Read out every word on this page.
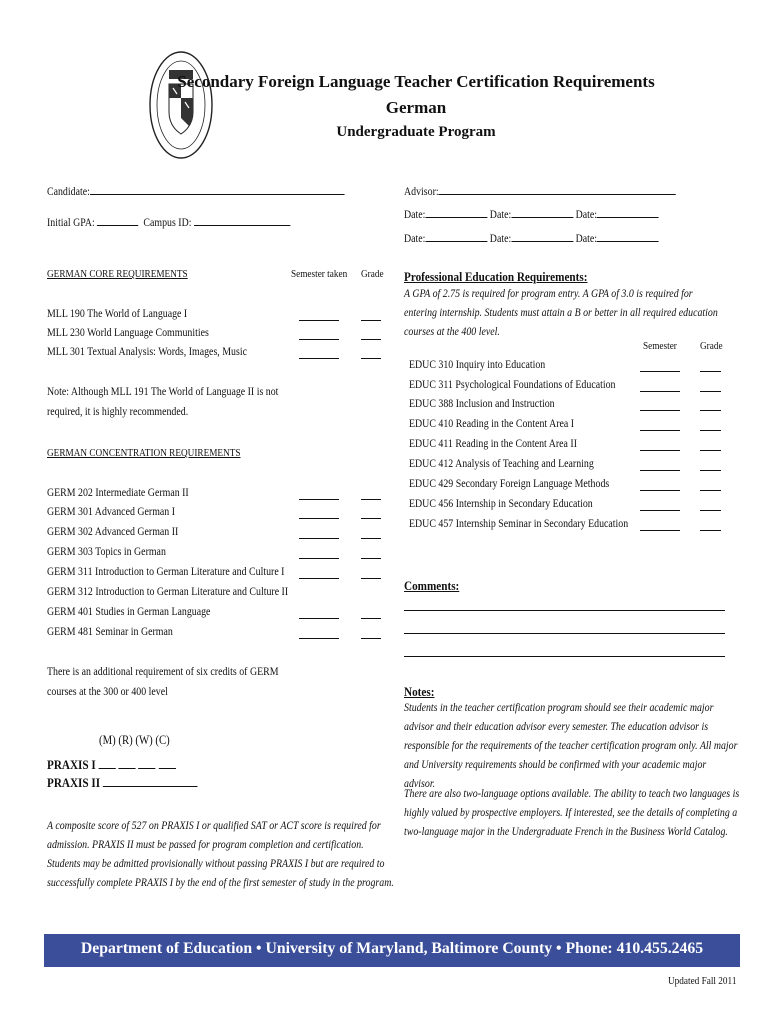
Secondary Foreign Language Teacher Certification Requirements
German
Undergraduate Program
Candidate:
Initial GPA:	Campus ID:
Advisor:
Date:	Date:	Date:
Date:	Date:	Date:
GERMAN CORE REQUIREMENTS	Semester taken Grade
MLL 190 The World of Language I
MLL 230 World Language Communities
MLL 301 Textual Analysis: Words, Images, Music
Note: Although MLL 191 The World of Language II is not
required, it is highly recommended.
GERMAN CONCENTRATION REQUIREMENTS
GERM 202 Intermediate German II
GERM 301 Advanced German I
GERM 302 Advanced German II
GERM 303 Topics in German
GERM 311 Introduction to German Literature and Culture I
GERM 312 Introduction to German Literature and Culture II
GERM 401 Studies in German Language
GERM 481 Seminar in German
There is an additional requirement of six credits of GERM
courses at the 300 or 400 level
(M) (R) (W) (C)
PRAXIS I
PRAXIS II
A composite score of 527 on PRAXIS I or qualified SAT or ACT score is required for admission. PRAXIS II must be passed for program completion and certification. Students may be admitted provisionally without passing PRAXIS I but are required to successfully complete PRAXIS I by the end of the first semester of study in the program.
Professional Education Requirements:
A GPA of 2.75 is required for program entry. A GPA of 3.0 is required for entering internship. Students must attain a B or better in all required education courses at the 400 level.
Semester Grade
EDUC 310 Inquiry into Education
EDUC 311 Psychological Foundations of Education
EDUC 388 Inclusion and Instruction
EDUC 410 Reading in the Content Area I
EDUC 411 Reading in the Content Area II
EDUC 412 Analysis of Teaching and Learning
EDUC 429 Secondary Foreign Language Methods
EDUC 456 Internship in Secondary Education
EDUC 457 Internship Seminar in Secondary Education
Comments:
Notes:
Students in the teacher certification program should see their academic major advisor and their education advisor every semester. The education advisor is responsible for the requirements of the teacher certification program only. All major and University requirements should be confirmed with your academic major advisor.
There are also two-language options available. The ability to teach two languages is highly valued by prospective employers. If interested, see the details of completing a two-language major in the Undergraduate French in the Business World Catalog.
Department of Education • University of Maryland, Baltimore County • Phone: 410.455.2465
Updated Fall 2011
